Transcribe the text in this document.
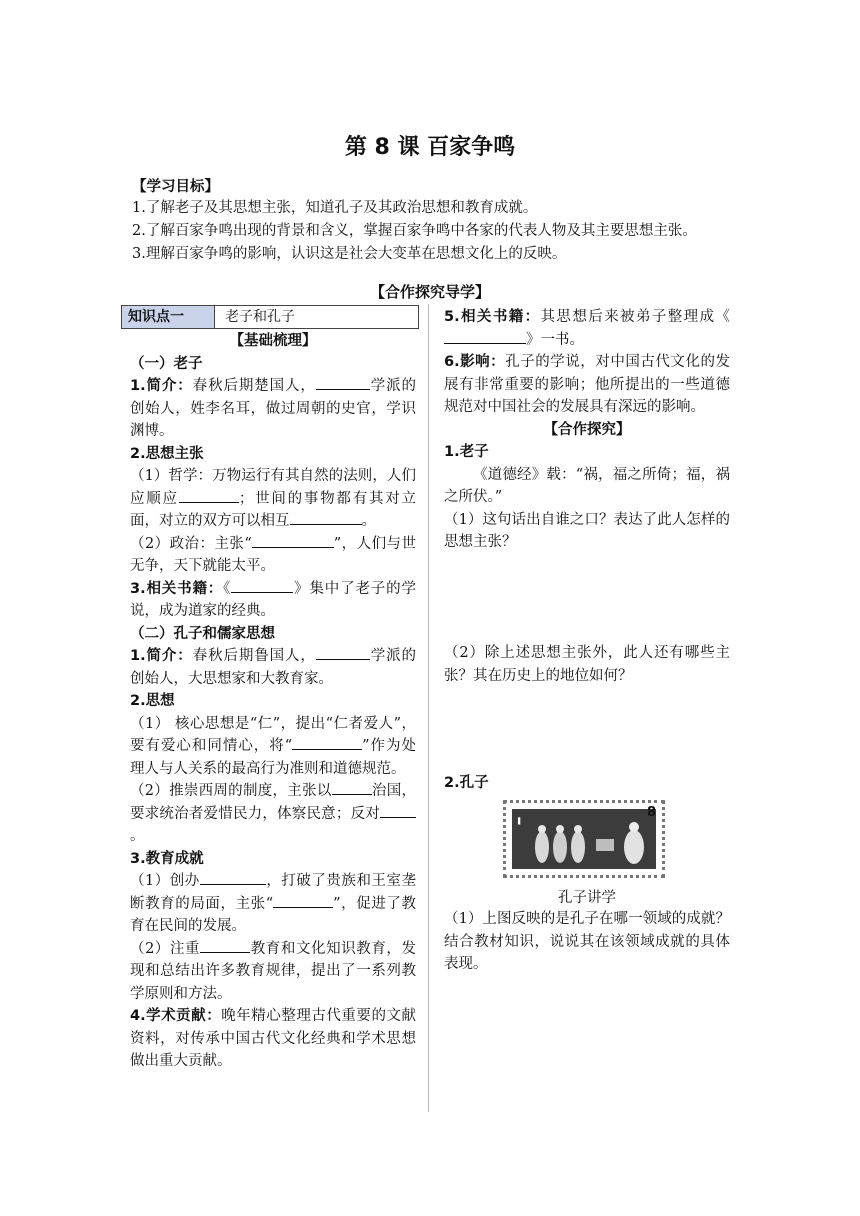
第 8 课 百家争鸣
【学习目标】
1.了解老子及其思想主张，知道孔子及其政治思想和教育成就。
2.了解百家争鸣出现的背景和含义，掌握百家争鸣中各家的代表人物及其主要思想主张。
3.理解百家争鸣的影响，认识这是社会大变革在思想文化上的反映。
【合作探究导学】
知识点一	老子和孔子
【基础梳理】
（一）老子
1.简介：春秋后期楚国人，	学派的创始人，姓李名耳，做过周朝的史官，学识渊博。
2.思想主张
（1）哲学：万物运行有其自然的法则，人们应顺应	；世间的事物都有其对立面，对立的双方可以相互	。
（2）政治：主张“	”，人们与世无争，天下就能太平。
3.相关书籍：《	》集中了老子的学说，成为道家的经典。
（二）孔子和儒家思想
1.简介：春秋后期鲁国人，	学派的创始人，大思想家和大教育家。
2.思想
（1） 核心思想是“仁”，提出“仁者爱人”，要有爱心和同情心，将“	”作为处理人与人关系的最高行为准则和道德规范。
（2）推崇西周的制度，主张以	治国，要求统治者爱惜民力，体察民意；反对。
3.教育成就
（1）创办	，打破了贵族和王室垄断教育的局面，主张“	”，促进了教育在民间的发展。
（2）注重	教育和文化知识教育，发现和总结出许多教育规律，提出了一系列教学原则和方法。
4.学术贡献：晚年精心整理古代重要的文献资料，对传承中国古代文化经典和学术思想做出重大贡献。
5.相关书籍：其思想后来被弟子整理成《》一书。
6.影响：孔子的学说，对中国古代文化的发展有非常重要的影响；他所提出的一些道德规范对中国社会的发展具有深远的影响。
【合作探究】
1.老子
《道德经》载：“祸，福之所倚；福，祸之所伏。”
（1）这句话出自谁之口？表达了此人怎样的思想主张？
（2）除上述思想主张外，此人还有哪些主张？其在历史上的地位如何？
2.孔子
▌
8
孔子讲学
（1）上图反映的是孔子在哪一领域的成就？结合教材知识，说说其在该领域成就的具体表现。
